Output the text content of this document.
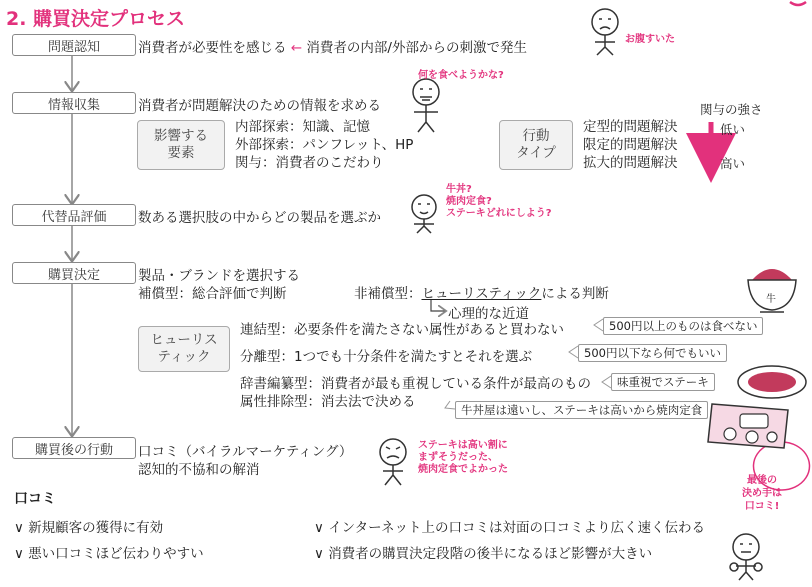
2. 購買決定プロセス
問題認知
情報収集
代替品評価
購買決定
購買後の行動
消費者が必要性を感じる ← 消費者の内部/外部からの刺激で発生
消費者が問題解決のための情報を求める
影響する
要素
内部探索：知識、記憶
外部探索：パンフレット、HP
関与：消費者のこだわり
行動
タイプ
定型的問題解決
限定的問題解決
拡大的問題解決
関与の強さ
低い
高い
数ある選択肢の中からどの製品を選ぶか
製品・ブランドを選択する
補償型：総合評価で判断	非補償型：ヒューリスティックによる判断
心理的な近道
ヒューリス
ティック
連結型：必要条件を満たさない属性があると買わない	500円以上のものは食べない
分離型：1つでも十分条件を満たすとそれを選ぶ	500円以下なら何でもいい
辞書編纂型：消費者が最も重視している条件が最高のもの	味重視でステーキ
属性排除型：消去法で決める	牛丼屋は遠いし、ステーキは高いから焼肉定食
口コミ（バイラルマーケティング）
認知的不協和の解消
口コミ
∨ 新規顧客の獲得に有効	∨ インターネット上の口コミは対面の口コミより広く速く伝わる
∨ 悪い口コミほど伝わりやすい	∨ 消費者の購買決定段階の後半になるほど影響が大きい
お腹すいた
何を食べようかな?
牛丼?
焼肉定食?
ステーキどれにしよう?
ステーキは高い割に
まずそうだった、
焼肉定食でよかった
最後の
決め手は
口コミ!
牛
